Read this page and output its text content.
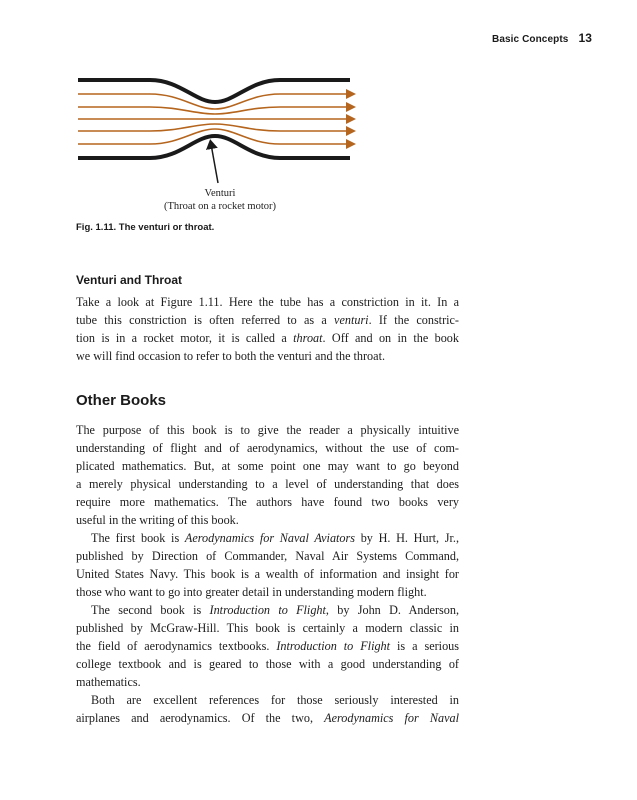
Basic Concepts 13
Venturi
(Throat on a rocket motor)
Fig. 1.11. The venturi or throat.
Venturi and Throat
Take a look at Figure 1.11. Here the tube has a constriction in it. In a
tube this constriction is often referred to as a venturi. If the constric-
tion is in a rocket motor, it is called a throat. Off and on in the book
we will find occasion to refer to both the venturi and the throat.
Other Books
The purpose of this book is to give the reader a physically intuitive
understanding of flight and of aerodynamics, without the use of com-
plicated mathematics. But, at some point one may want to go beyond
a merely physical understanding to a level of understanding that does
require more mathematics. The authors have found two books very
useful in the writing of this book.
The first book is Aerodynamics for Naval Aviators by H. H. Hurt, Jr.,
published by Direction of Commander, Naval Air Systems Command,
United States Navy. This book is a wealth of information and insight for
those who want to go into greater detail in understanding modern flight.
The second book is Introduction to Flight, by John D. Anderson,
published by McGraw-Hill. This book is certainly a modern classic in
the field of aerodynamics textbooks. Introduction to Flight is a serious
college textbook and is geared to those with a good understanding of
mathematics.
Both are excellent references for those seriously interested in
airplanes and aerodynamics. Of the two, Aerodynamics for Naval
